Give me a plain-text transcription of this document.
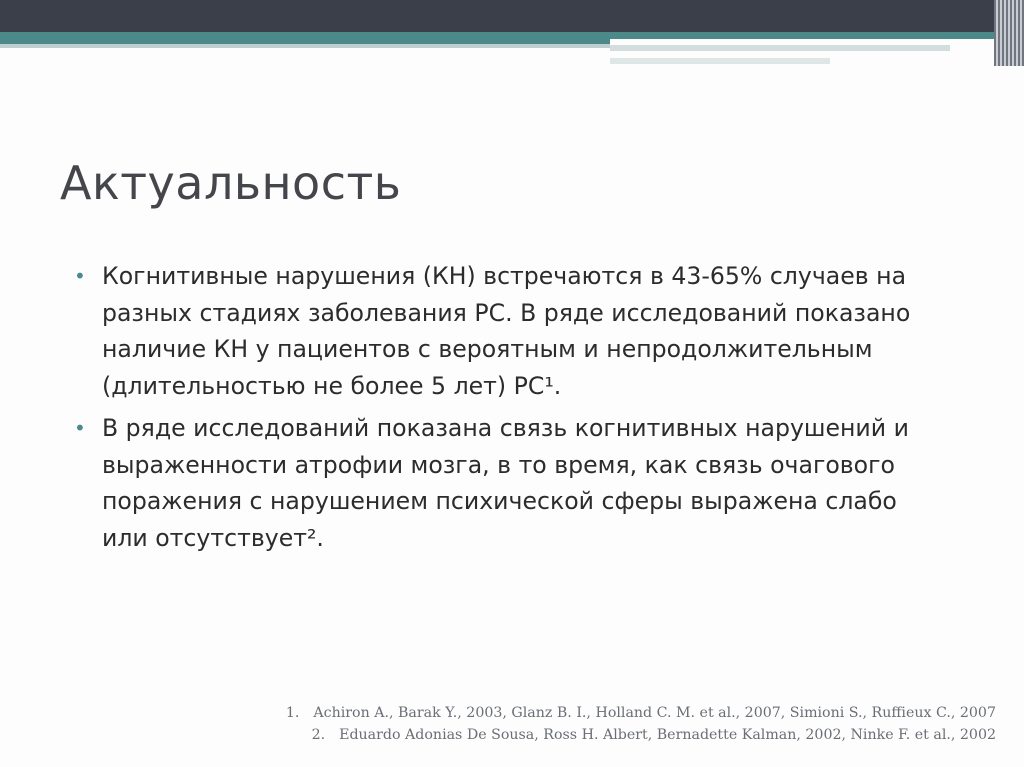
Актуальность
• Когнитивные нарушения (КН) встречаются в 43-65% случаев на
разных стадиях заболевания РС. В ряде исследований показано
наличие КН у пациентов с вероятным и непродолжительным
(длительностью не более 5 лет) РС¹.
• В ряде исследований показана связь когнитивных нарушений и
выраженности атрофии мозга, в то время, как связь очагового
поражения с нарушением психической сферы выражена слабо
или отсутствует².
1. Achiron A., Barak Y., 2003, Glanz B. I., Holland C. M. et al., 2007, Simioni S., Ruffieux C., 2007
2. Eduardo Adonias De Sousa, Ross H. Albert, Bernadette Kalman, 2002, Ninke F. et al., 2002
